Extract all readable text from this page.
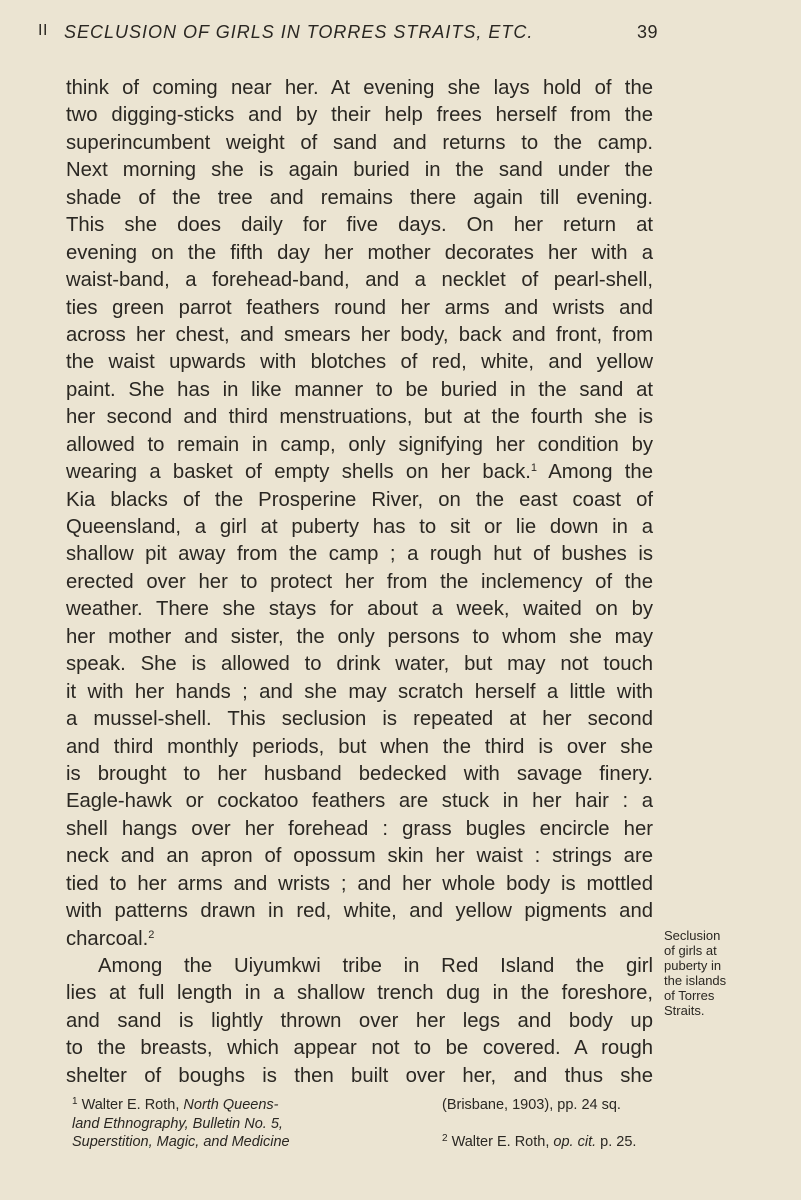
II SECLUSION OF GIRLS IN TORRES STRAITS, ETC.	39
think of coming near her. At evening she lays hold of the
two digging-sticks and by their help frees herself from the
superincumbent weight of sand and returns to the camp.
Next morning she is again buried in the sand under the
shade of the tree and remains there again till evening.
This she does daily for five days. On her return at
evening on the fifth day her mother decorates her with a
waist-band, a forehead-band, and a necklet of pearl-shell,
ties green parrot feathers round her arms and wrists and
across her chest, and smears her body, back and front, from
the waist upwards with blotches of red, white, and yellow
paint. She has in like manner to be buried in the sand at
her second and third menstruations, but at the fourth she is
allowed to remain in camp, only signifying her condition by
wearing a basket of empty shells on her back.$^1$ Among the
Kia blacks of the Prosperine River, on the east coast of
Queensland, a girl at puberty has to sit or lie down in a
shallow pit away from the camp ; a rough hut of bushes is
erected over her to protect her from the inclemency of the
weather. There she stays for about a week, waited on by
her mother and sister, the only persons to whom she may
speak. She is allowed to drink water, but may not touch
it with her hands ; and she may scratch herself a little with
a mussel-shell. This seclusion is repeated at her second
and third monthly periods, but when the third is over she
is brought to her husband bedecked with savage finery.
Eagle-hawk or cockatoo feathers are stuck in her hair : a
shell hangs over her forehead : grass bugles encircle her
neck and an apron of opossum skin her waist : strings are
tied to her arms and wrists ; and her whole body is mottled
with patterns drawn in red, white, and yellow pigments and
charcoal.$^2$
Among the Uiyumkwi tribe in Red Island the girl
lies at full length in a shallow trench dug in the foreshore,
and sand is lightly thrown over her legs and body up
to the breasts, which appear not to be covered. A rough
shelter of boughs is then built over her, and thus she
Seclusion
of girls at
puberty in
the islands
of Torres
Straits.
$^1$ Walter E. Roth, North Queens-
land Ethnography, Bulletin No. 5,
Superstition, Magic, and Medicine
(Brisbane, 1903), pp. 24 sq.
$^2$ Walter E. Roth, op. cit. p. 25.
